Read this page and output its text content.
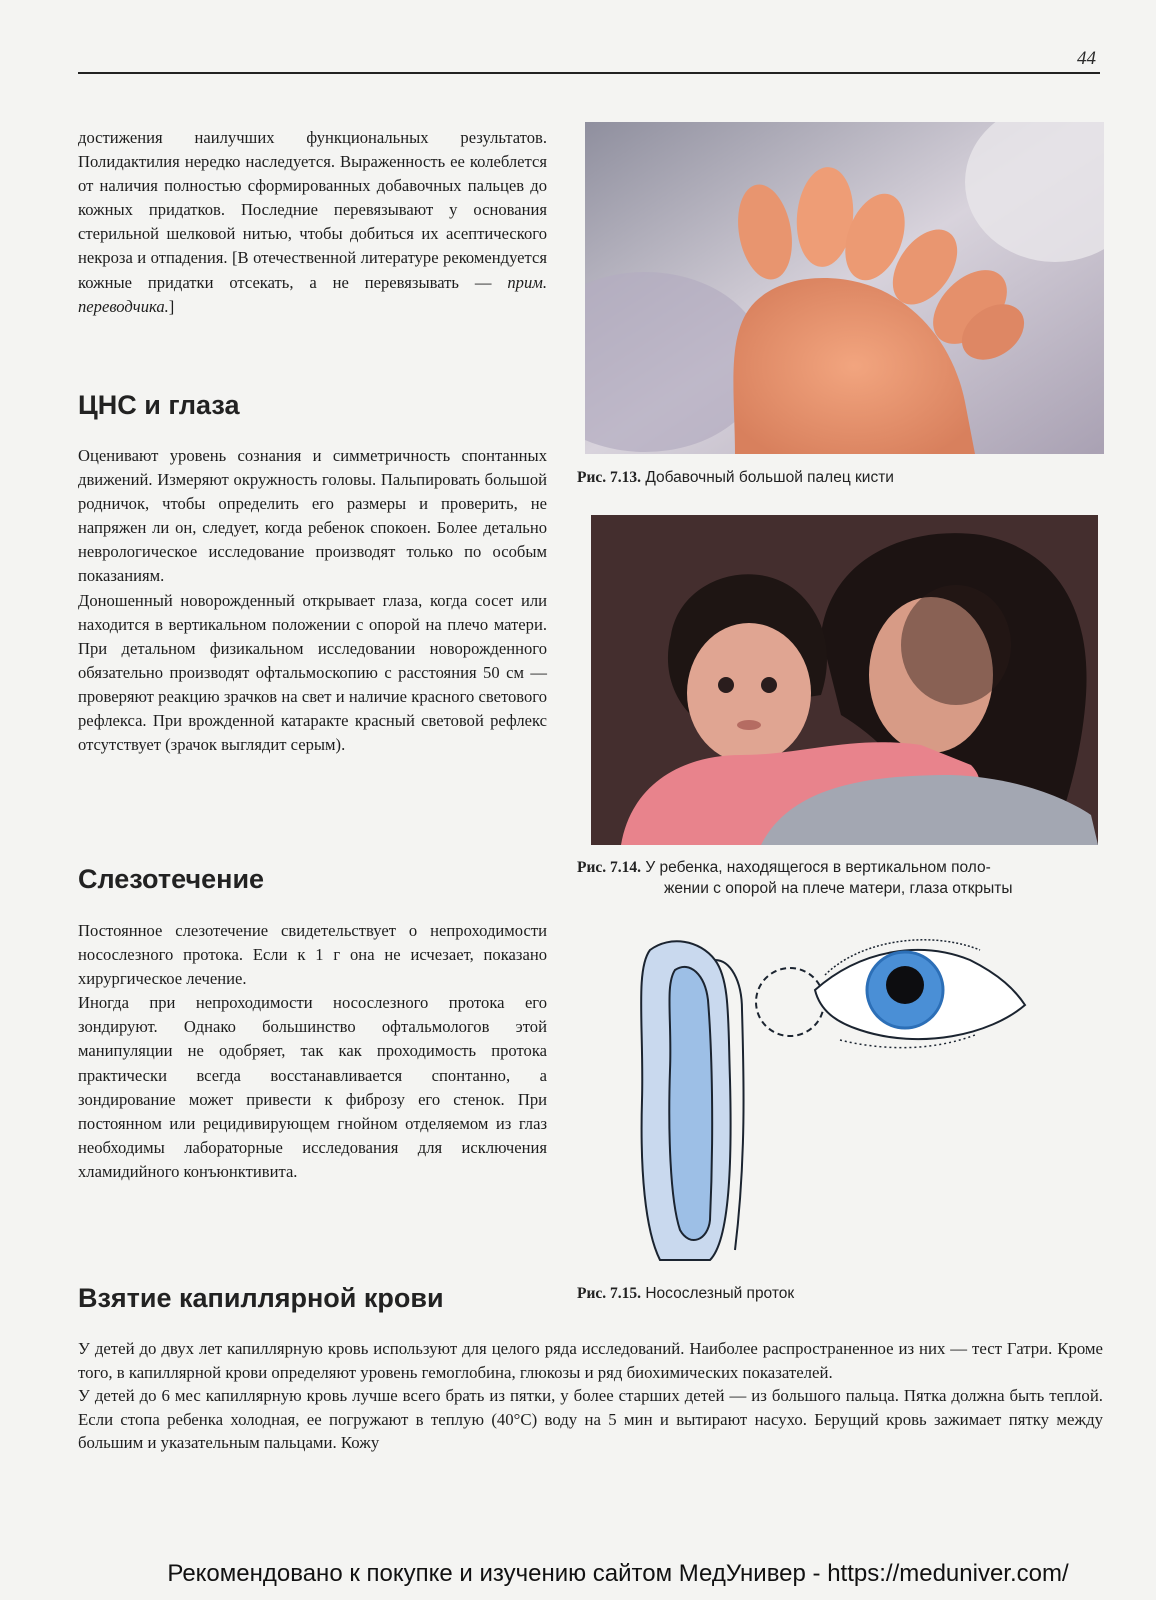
44

достижения наилучших функциональных результатов. Полидактилия нередко наследуется. Выраженность ее колеблется от наличия полностью сформированных добавочных пальцев до кожных придатков. Последние перевязывают у основания стерильной шелковой нитью, чтобы добиться их асептического некроза и отпадения. [В отечественной литературе рекомендуется кожные придатки отсекать, а не перевязывать — прим. переводчика.]

ЦНС и глаза

Оценивают уровень сознания и симметричность спонтанных движений. Измеряют окружность головы. Пальпировать большой родничок, чтобы определить его размеры и проверить, не напряжен ли он, следует, когда ребенок спокоен. Более детально неврологическое исследование производят только по особым показаниям.

Доношенный новорожденный открывает глаза, когда сосет или находится в вертикальном положении с опорой на плечо матери. При детальном физикальном исследовании новорожденного обязательно производят офтальмоскопию с расстояния 50 см — проверяют реакцию зрачков на свет и наличие красного светового рефлекса. При врожденной катаракте красный световой рефлекс отсутствует (зрачок выглядит серым).

Слезотечение

Постоянное слезотечение свидетельствует о непроходимости носослезного протока. Если к 1 г она не исчезает, показано хирургическое лечение.

Иногда при непроходимости носослезного протока его зондируют. Однако большинство офтальмологов этой манипуляции не одобряет, так как проходимость протока практически всегда восстанавливается спонтанно, а зондирование может привести к фиброзу его стенок. При постоянном или рецидивирующем гнойном отделяемом из глаз необходимы лабораторные исследования для исключения хламидийного конъюнктивита.

Взятие капиллярной крови

У детей до двух лет капиллярную кровь используют для целого ряда исследований. Наиболее распространенное из них — тест Гатри. Кроме того, в капиллярной крови определяют уровень гемоглобина, глюкозы и ряд биохимических показателей.

У детей до 6 мес капиллярную кровь лучше всего брать из пятки, у более старших детей — из большого пальца. Пятка должна быть теплой. Если стопа ребенка холодная, ее погружают в теплую (40°С) воду на 5 мин и вытирают насухо. Берущий кровь зажимает пятку между большим и указательным пальцами. Кожу

Рис. 7.13. Добавочный большой палец кисти
Рис. 7.14. У ребенка, находящегося в вертикальном поло-
жении с опорой на плече матери, глаза открыты
Рис. 7.15. Носослезный проток
Рекомендовано к покупке и изучению сайтом МедУнивер - https://meduniver.com/
